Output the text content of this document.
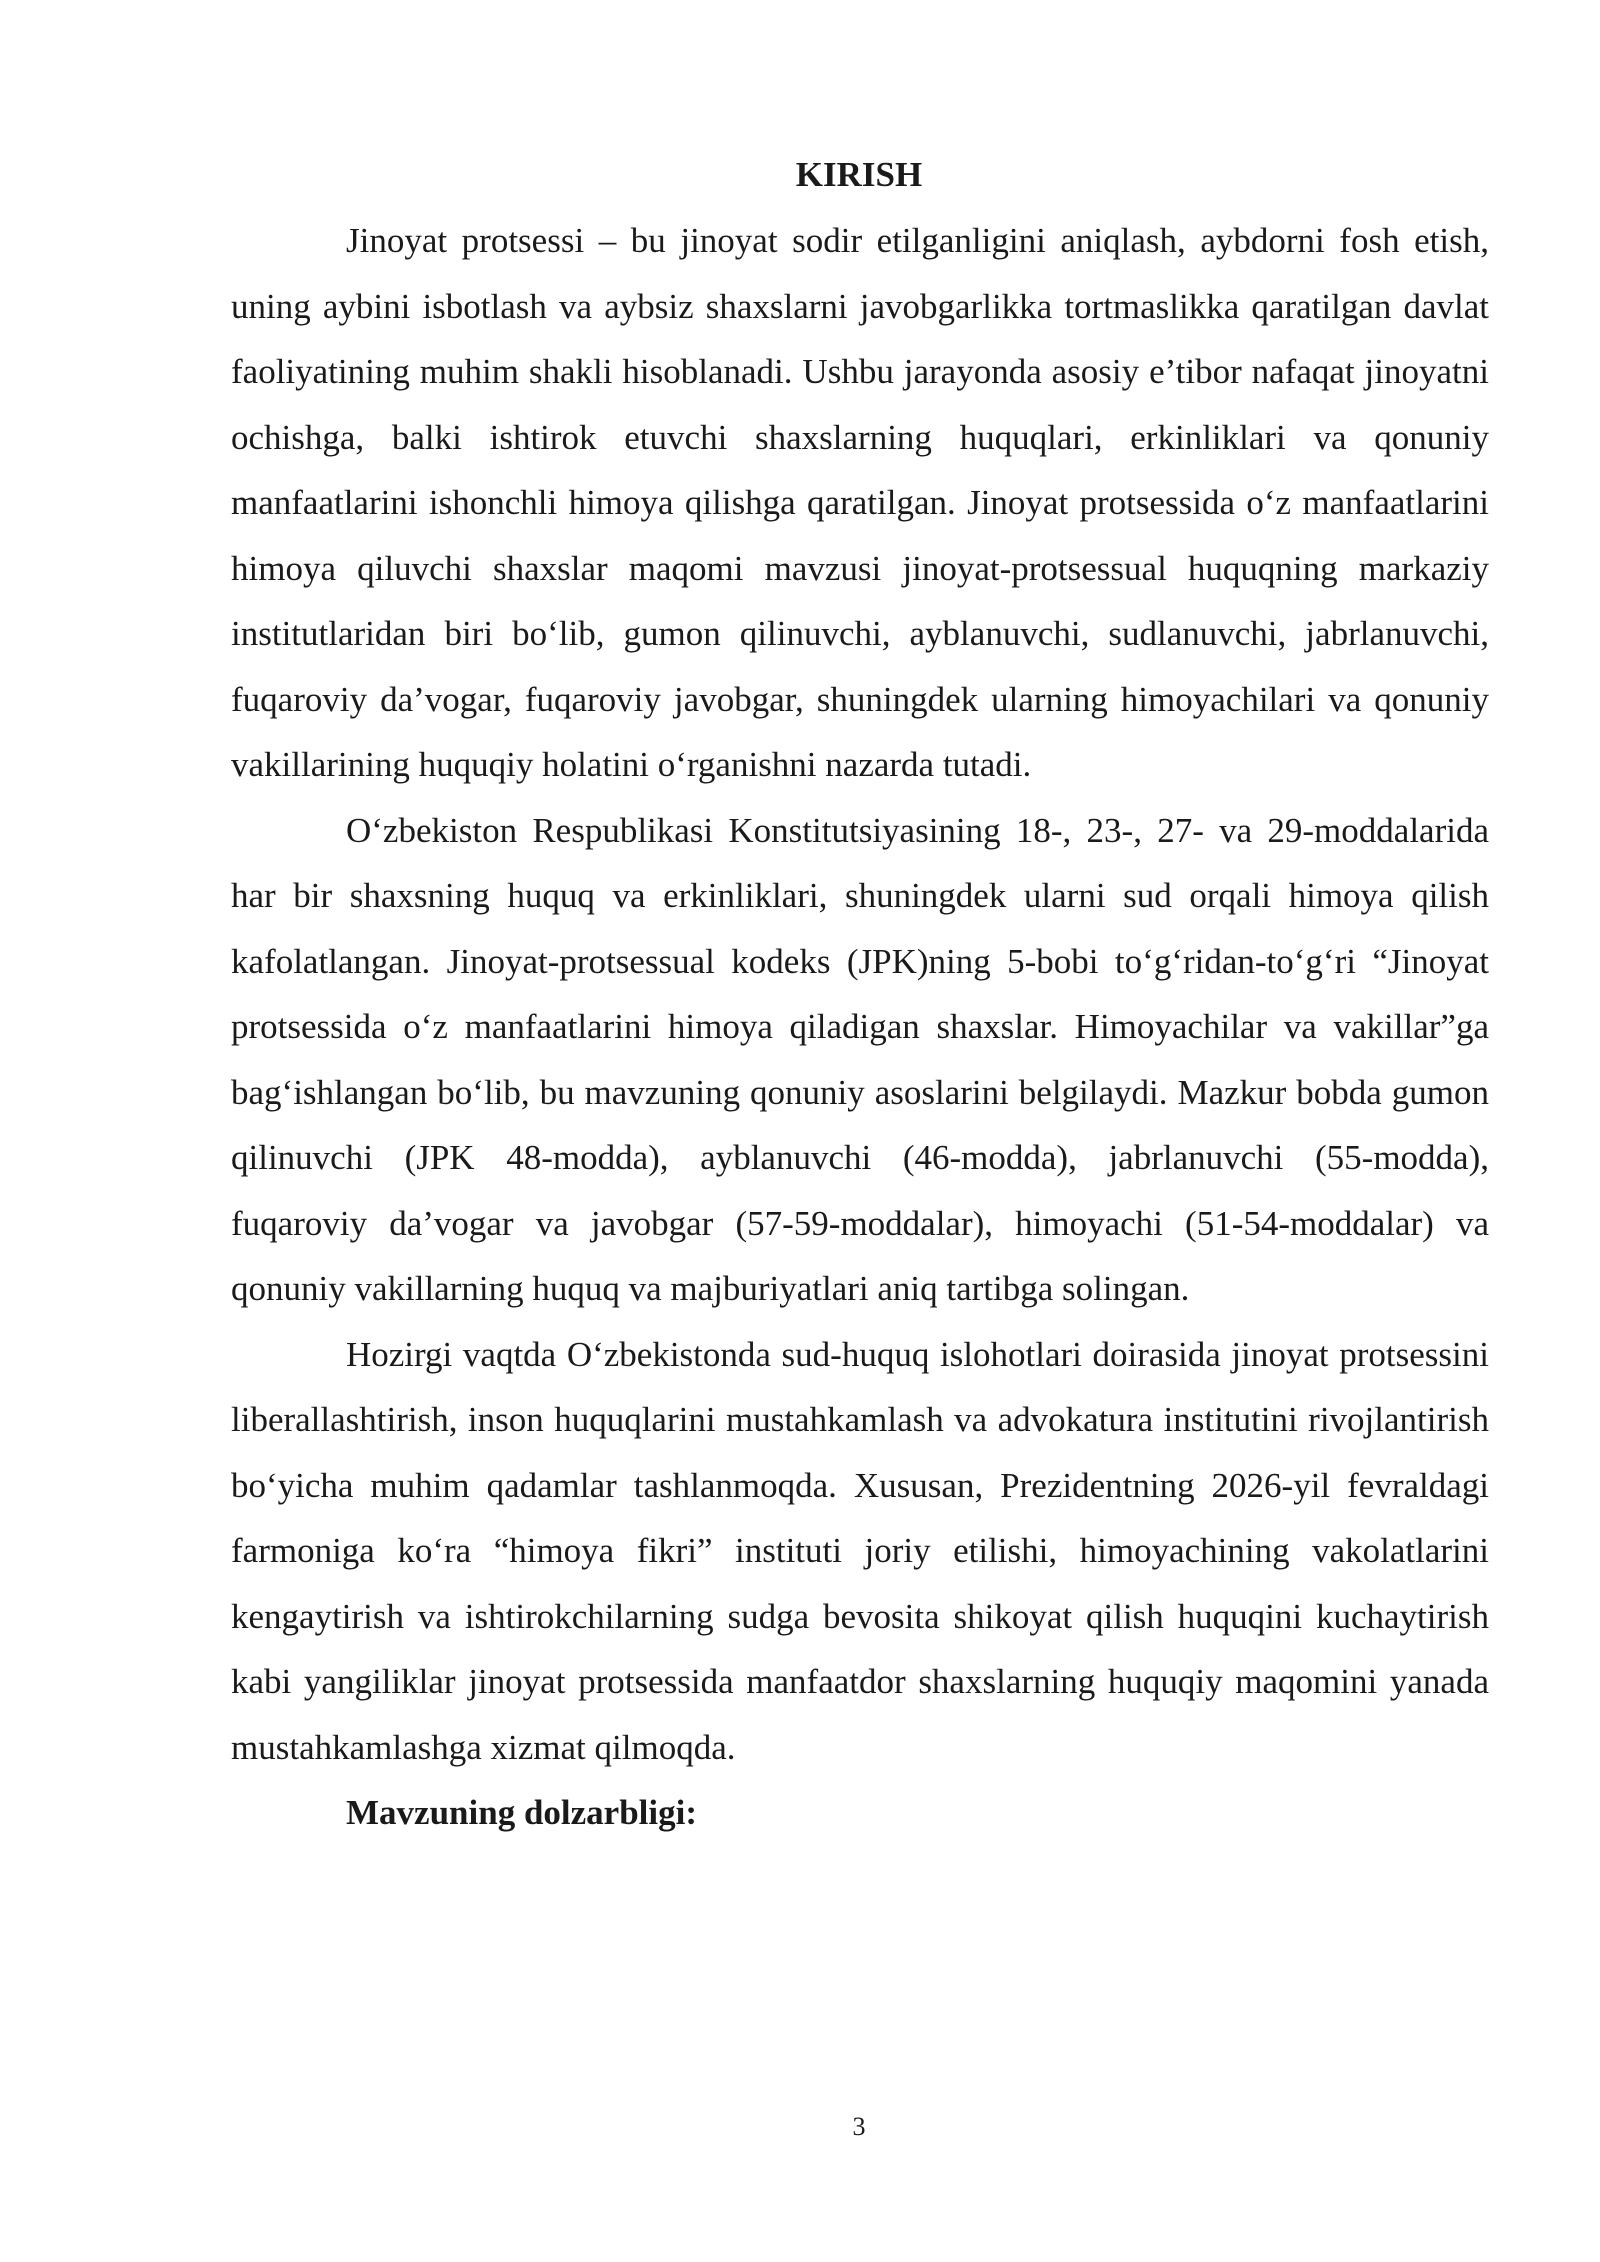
KIRISH

Jinoyat protsessi – bu jinoyat sodir etilganligini aniqlash, aybdorni fosh etish, uning aybini isbotlash va aybsiz shaxslarni javobgarlikka tortmaslikka qaratilgan davlat faoliyatining muhim shakli hisoblanadi. Ushbu jarayonda asosiy e’tibor nafaqat jinoyatni ochishga, balki ishtirok etuvchi shaxslarning huquqlari, erkinliklari va qonuniy manfaatlarini ishonchli himoya qilishga qaratilgan. Jinoyat protsessida o‘z manfaatlarini himoya qiluvchi shaxslar maqomi mavzusi jinoyat-protsessual huquqning markaziy institutlaridan biri bo‘lib, gumon qilinuvchi, ayblanuvchi, sudlanuvchi, jabrlanuvchi, fuqaroviy da’vogar, fuqaroviy javobgar, shuningdek ularning himoyachilari va qonuniy vakillarining huquqiy holatini o‘rganishni nazarda tutadi.

O‘zbekiston Respublikasi Konstitutsiyasining 18-, 23-, 27- va 29-moddalarida har bir shaxsning huquq va erkinliklari, shuningdek ularni sud orqali himoya qilish kafolatlangan. Jinoyat-protsessual kodeks (JPK)ning 5-bobi to‘g‘ridan-to‘g‘ri “Jinoyat protsessida o‘z manfaatlarini himoya qiladigan shaxslar. Himoyachilar va vakillar”ga bag‘ishlangan bo‘lib, bu mavzuning qonuniy asoslarini belgilaydi. Mazkur bobda gumon qilinuvchi (JPK 48-modda), ayblanuvchi (46-modda), jabrlanuvchi (55-modda), fuqaroviy da’vogar va javobgar (57-59-moddalar), himoyachi (51-54-moddalar) va qonuniy vakillarning huquq va majburiyatlari aniq tartibga solingan.

Hozirgi vaqtda O‘zbekistonda sud-huquq islohotlari doirasida jinoyat protsessini liberallashtirish, inson huquqlarini mustahkamlash va advokatura institutini rivojlantirish bo‘yicha muhim qadamlar tashlanmoqda. Xususan, Prezidentning 2026-yil fevraldagi farmoniga ko‘ra “himoya fikri” instituti joriy etilishi, himoyachining vakolatlarini kengaytirish va ishtirokchilarning sudga bevosita shikoyat qilish huquqini kuchaytirish kabi yangiliklar jinoyat protsessida manfaatdor shaxslarning huquqiy maqomini yanada mustahkamlashga xizmat qilmoqda.

Mavzuning dolzarbligi:

3
